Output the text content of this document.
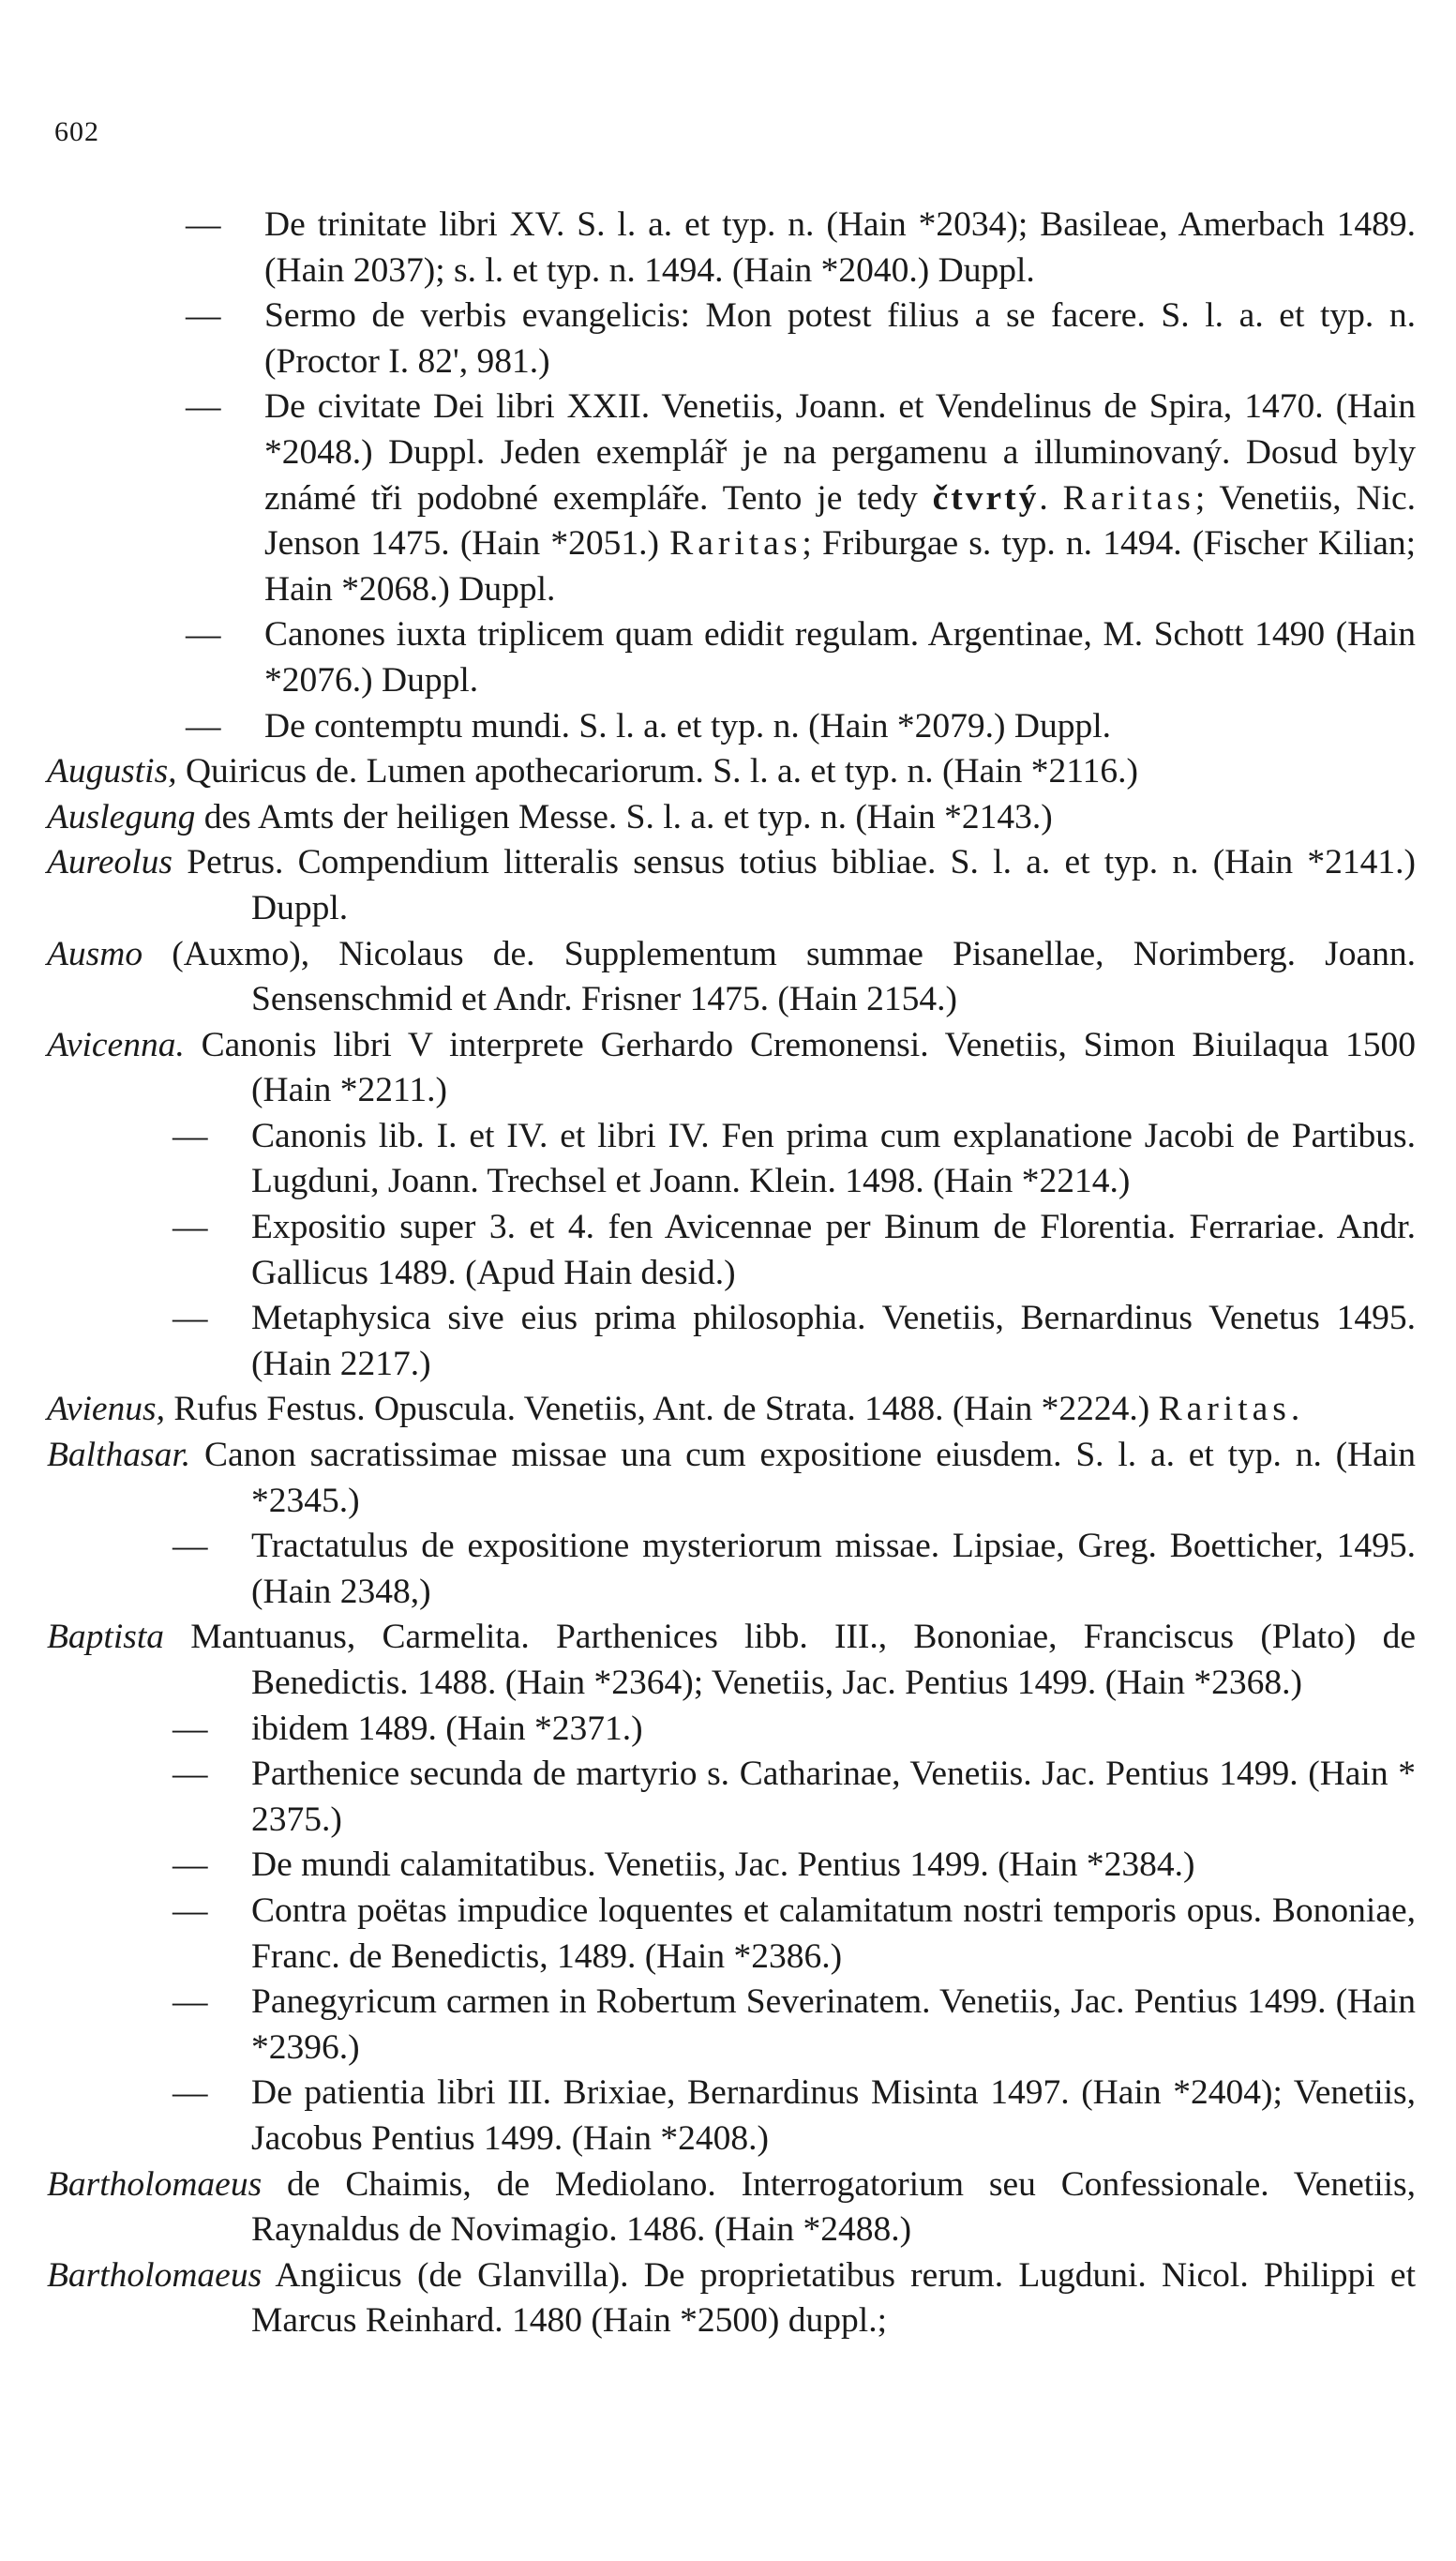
602

— De trinitate libri XV. S. l. a. et typ. n. (Hain *2034); Basileae, Amerbach 1489. (Hain 2037); s. l. et typ. n. 1494. (Hain *2040.) Duppl.

— Sermo de verbis evangelicis: Mon potest filius a se facere. S. l. a. et typ. n. (Proctor I. 82', 981.)

— De civitate Dei libri XXII. Venetiis, Joann. et Vendelinus de Spira, 1470. (Hain *2048.) Duppl. Jeden exemplář je na pergamenu a illuminovaný. Dosud byly známé tři podobné exempláře. Tento je tedy čtvrtý. Raritas; Venetiis, Nic. Jenson 1475. (Hain *2051.) Raritas; Friburgae s. typ. n. 1494. (Fischer Kilian; Hain *2068.) Duppl.

— Canones iuxta triplicem quam edidit regulam. Argentinae, M. Schott 1490 (Hain *2076.) Duppl.

— De contemptu mundi. S. l. a. et typ. n. (Hain *2079.) Duppl.

Augustis, Quiricus de. Lumen apothecariorum. S. l. a. et typ. n. (Hain *2116.)

Auslegung des Amts der heiligen Messe. S. l. a. et typ. n. (Hain *2143.)

Aureolus Petrus. Compendium litteralis sensus totius bibliae. S. l. a. et typ. n. (Hain *2141.) Duppl.

Ausmo (Auxmo), Nicolaus de. Supplementum summae Pisanellae, Norimberg. Joann. Sensenschmid et Andr. Frisner 1475. (Hain 2154.)

Avicenna. Canonis libri V interprete Gerhardo Cremonensi. Venetiis, Simon Biuilaqua 1500 (Hain *2211.)

— Canonis lib. I. et IV. et libri IV. Fen prima cum explanatione Jacobi de Partibus. Lugduni, Joann. Trechsel et Joann. Klein. 1498. (Hain *2214.)

— Expositio super 3. et 4. fen Avicennae per Binum de Florentia. Ferrariae. Andr. Gallicus 1489. (Apud Hain desid.)

— Metaphysica sive eius prima philosophia. Venetiis, Bernardinus Venetus 1495. (Hain 2217.)

Avienus, Rufus Festus. Opuscula. Venetiis, Ant. de Strata. 1488. (Hain *2224.) Raritas.

Balthasar. Canon sacratissimae missae una cum expositione eiusdem. S. l. a. et typ. n. (Hain *2345.)

— Tractatulus de expositione mysteriorum missae. Lipsiae, Greg. Boetticher, 1495. (Hain 2348,)

Baptista Mantuanus, Carmelita. Parthenices libb. III., Bononiae, Franciscus (Plato) de Benedictis. 1488. (Hain *2364); Venetiis, Jac. Pentius 1499. (Hain *2368.)

— ibidem 1489. (Hain *2371.)

— Parthenice secunda de martyrio s. Catharinae, Venetiis. Jac. Pentius 1499. (Hain * 2375.)

— De mundi calamitatibus. Venetiis, Jac. Pentius 1499. (Hain *2384.)

— Contra poëtas impudice loquentes et calamitatum nostri temporis opus. Bononiae, Franc. de Benedictis, 1489. (Hain *2386.)

— Panegyricum carmen in Robertum Severinatem. Venetiis, Jac. Pentius 1499. (Hain *2396.)

— De patientia libri III. Brixiae, Bernardinus Misinta 1497. (Hain *2404); Venetiis, Jacobus Pentius 1499. (Hain *2408.)

Bartholomaeus de Chaimis, de Mediolano. Interrogatorium seu Confessionale. Venetiis, Raynaldus de Novimagio. 1486. (Hain *2488.)

Bartholomaeus Angiicus (de Glanvilla). De proprietatibus rerum. Lugduni. Nicol. Philippi et Marcus Reinhard. 1480 (Hain *2500) duppl.;
